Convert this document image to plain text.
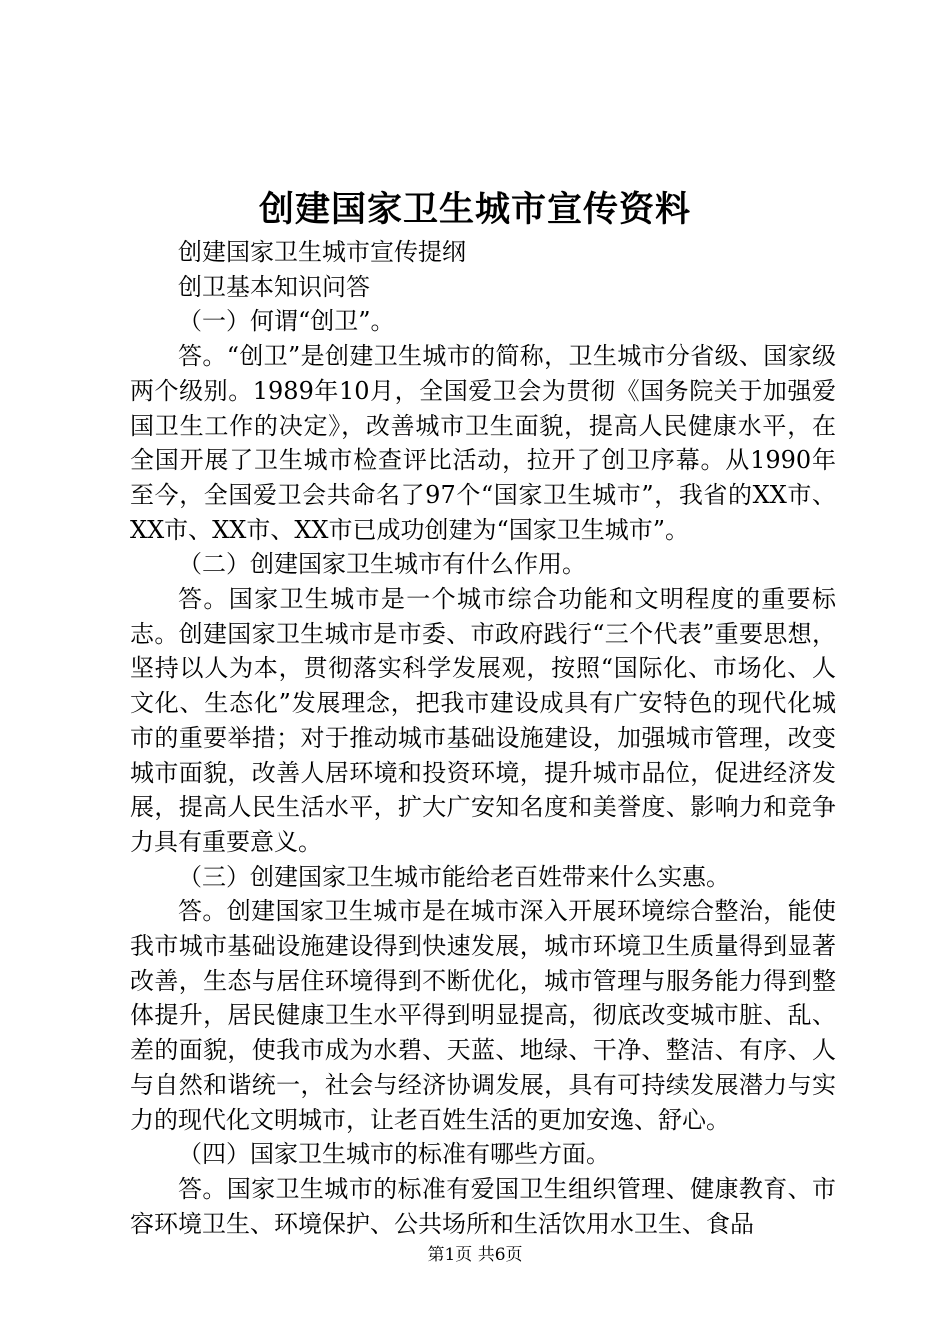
创建国家卫生城市宣传资料

创建国家卫生城市宣传提纲

创卫基本知识问答

（一）何谓“创卫”。

答。“创卫”是创建卫生城市的简称，卫生城市分省级、国家级两个级别。1989年10月，全国爱卫会为贯彻《国务院关于加强爱国卫生工作的决定》，改善城市卫生面貌，提高人民健康水平，在全国开展了卫生城市检查评比活动，拉开了创卫序幕。从1990年至今，全国爱卫会共命名了97个“国家卫生城市”，我省的XX市、XX市、XX市、XX市已成功创建为“国家卫生城市”。

（二）创建国家卫生城市有什么作用。

答。国家卫生城市是一个城市综合功能和文明程度的重要标志。创建国家卫生城市是市委、市政府践行“三个代表”重要思想，坚持以人为本，贯彻落实科学发展观，按照“国际化、市场化、人文化、生态化”发展理念，把我市建设成具有广安特色的现代化城市的重要举措；对于推动城市基础设施建设，加强城市管理，改变城市面貌，改善人居环境和投资环境，提升城市品位，促进经济发展，提高人民生活水平，扩大广安知名度和美誉度、影响力和竞争力具有重要意义。

（三）创建国家卫生城市能给老百姓带来什么实惠。

答。创建国家卫生城市是在城市深入开展环境综合整治，能使我市城市基础设施建设得到快速发展，城市环境卫生质量得到显著改善，生态与居住环境得到不断优化，城市管理与服务能力得到整体提升，居民健康卫生水平得到明显提高，彻底改变城市脏、乱、差的面貌，使我市成为水碧、天蓝、地绿、干净、整洁、有序、人与自然和谐统一，社会与经济协调发展，具有可持续发展潜力与实力的现代化文明城市，让老百姓生活的更加安逸、舒心。

（四）国家卫生城市的标准有哪些方面。

答。国家卫生城市的标准有爱国卫生组织管理、健康教育、市容环境卫生、环境保护、公共场所和生活饮用水卫生、食品

第1页 共6页
